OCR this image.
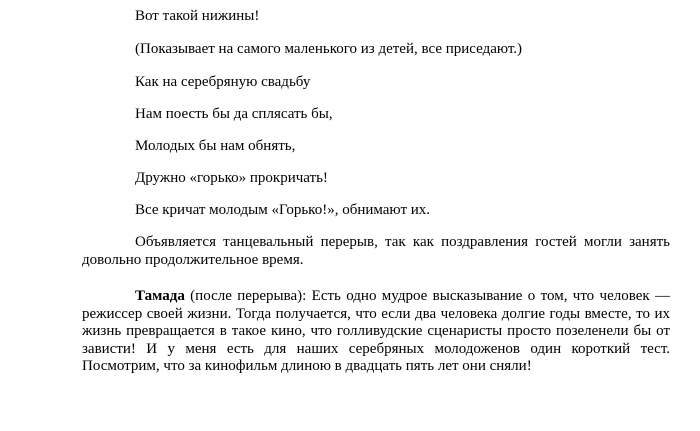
Вот такой нижины!

(Показывает на самого маленького из детей, все приседают.)

Как на серебряную свадьбу

Нам поесть бы да сплясать бы,

Молодых бы нам обнять,

Дружно «горько» прокричать!

Все кричат молодым «Горько!», обнимают их.

Объявляется танцевальный перерыв, так как поздравления гостей могли занять довольно продолжительное время.

Тамада (после перерыва): Есть одно мудрое высказывание о том, что человек — режиссер своей жизни. Тогда получается, что если два человека долгие годы вместе, то их жизнь превращается в такое кино, что голливудские сценаристы просто позеленели бы от зависти! И у меня есть для наших серебряных молодоженов один короткий тест. Посмотрим, что за кинофильм длиною в двадцать пять лет они сняли!
